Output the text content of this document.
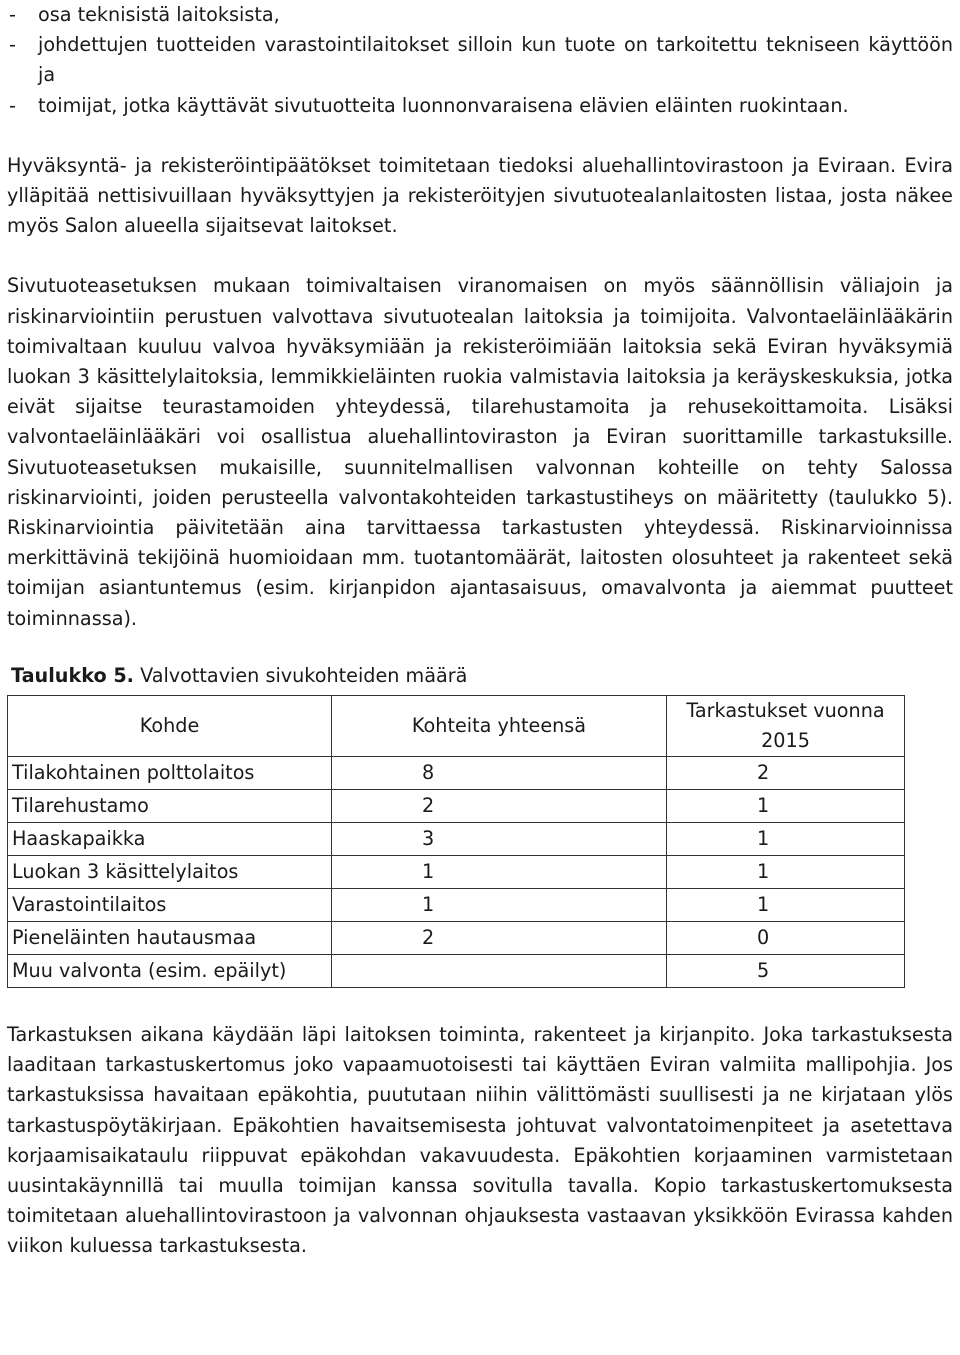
- osa teknisistä laitoksista,
- johdettujen tuotteiden varastointilaitokset silloin kun tuote on tarkoitettu tekniseen käyttöön ja
- toimijat, jotka käyttävät sivutuotteita luonnonvaraisena elävien eläinten ruokintaan.

Hyväksyntä- ja rekisteröintipäätökset toimitetaan tiedoksi aluehallintovirastoon ja Eviraan. Evira ylläpitää nettisivuillaan hyväksyttyjen ja rekisteröityjen sivutuotealanlaitosten listaa, josta näkee myös Salon alueella sijaitsevat laitokset.

Sivutuoteasetuksen mukaan toimivaltaisen viranomaisen on myös säännöllisin väliajoin ja riskinarviointiin perustuen valvottava sivutuotealan laitoksia ja toimijoita. Valvontaeläinlääkärin toimivaltaan kuuluu valvoa hyväksymiään ja rekisteröimiään laitoksia sekä Eviran hyväksymiä luokan 3 käsittelylaitoksia, lemmikkieläinten ruokia valmistavia laitoksia ja keräyskeskuksia, jotka eivät sijaitse teurastamoiden yhteydessä, tilarehustamoita ja rehusekoittamoita. Lisäksi valvontaeläinlääkäri voi osallistua aluehallintoviraston ja Eviran suorittamille tarkastuksille. Sivutuoteasetuksen mukaisille, suunnitelmallisen valvonnan kohteille on tehty Salossa riskinarviointi, joiden perusteella valvontakohteiden tarkastustiheys on määritetty (taulukko 5). Riskinarviointia päivitetään aina tarvittaessa tarkastusten yhteydessä. Riskinarvioinnissa merkittävinä tekijöinä huomioidaan mm. tuotantomäärät, laitosten olosuhteet ja rakenteet sekä toimijan asiantuntemus (esim. kirjanpidon ajantasaisuus, omavalvonta ja aiemmat puutteet toiminnassa).

Taulukko 5. Valvottavien sivukohteiden määrä
Kohde	Kohteita yhteensä	Tarkastukset vuonna 2015
Tilakohtainen polttolaitos	8	2
Tilarehustamo	2	1
Haaskapaikka	3	1
Luokan 3 käsittelylaitos	1	1
Varastointilaitos	1	1
Pieneläinten hautausmaa	2	0
Muu valvonta (esim. epäilyt)		5

Tarkastuksen aikana käydään läpi laitoksen toiminta, rakenteet ja kirjanpito. Joka tarkastuksesta laaditaan tarkastuskertomus joko vapaamuotoisesti tai käyttäen Eviran valmiita mallipohjia. Jos tarkastuksissa havaitaan epäkohtia, puututaan niihin välittömästi suullisesti ja ne kirjataan ylös tarkastuspöytäkirjaan. Epäkohtien havaitsemisesta johtuvat valvontatoimenpiteet ja asetettava korjaamisaikataulu riippuvat epäkohdan vakavuudesta. Epäkohtien korjaaminen varmistetaan uusintakäynnillä tai muulla toimijan kanssa sovitulla tavalla. Kopio tarkastuskertomuksesta toimitetaan aluehallintovirastoon ja valvonnan ohjauksesta vastaavan yksikköön Evirassa kahden viikon kuluessa tarkastuksesta.
